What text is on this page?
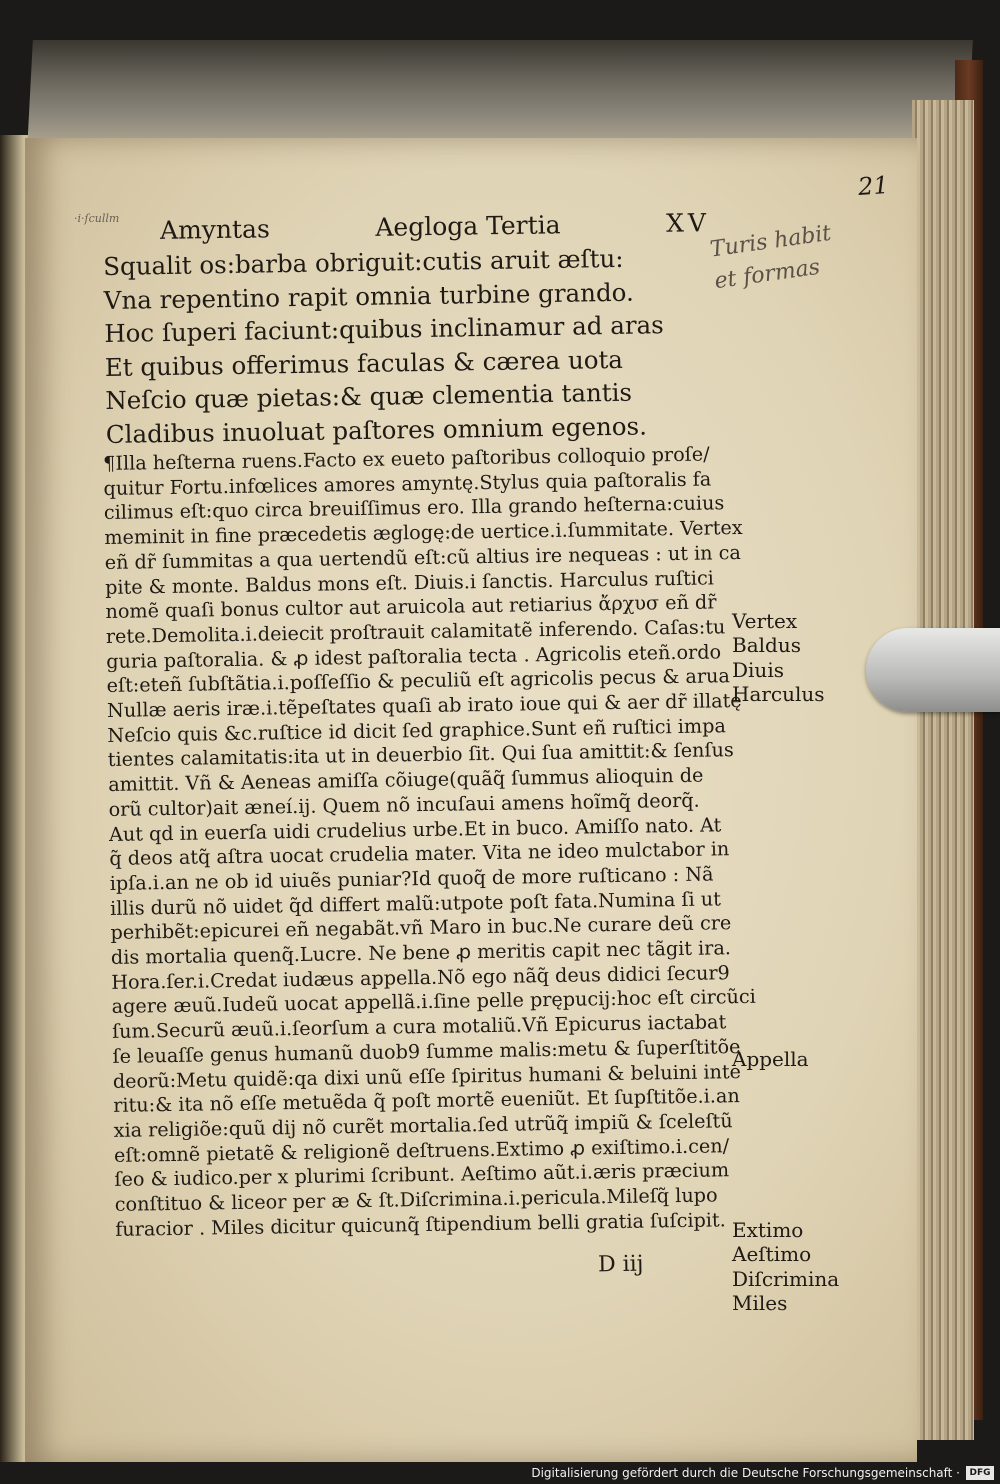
21
·i·ſcullm Amyntas	Aegloga Tertia	XV
Turis habit
et formas
Squalit os:barba obriguit:cutis aruit æſtu:
Vna repentino rapit omnia turbine grando.
Hoc ſuperi faciunt:quibus inclinamur ad aras
Et quibus offerimus faculas & cærea uota
Neſcio quæ pietas:& quæ clementia tantis
Cladibus inuoluat paſtores omnium egenos.
¶Illa heſterna ruens.Facto ex eueto paſtoribus colloquio proſe/
quitur Fortu.infœlices amores amyntę.Stylus quia paſtoralis fa
cilimus eſt:quo circa breuiſſimus ero. Illa grando heſterna:cuius
meminit in fine præcedetis æglogę:de uertice.i.ſummitate. Vertex
eñ dr̃ ſummitas a qua uertendũ eſt:cũ altius ire nequeas : ut in ca
pite & monte. Baldus mons eſt. Diuis.i ſanctis. Harculus ruſtici
nomẽ quaſi bonus cultor aut aruicola aut retiarius ἄρχυσ eñ dr̃
rete.Demolita.i.deiecit proſtrauit calamitatẽ inferendo. Caſas:tu
guria paſtoralia. & ꝓ idest paſtoralia tecta . Agricolis eteñ.ordo
eſt:eteñ ſubſtãtia.i.poſſeſſio & peculiũ eſt agricolis pecus & arua
Nullæ aeris iræ.i.tẽpeſtates quaſi ab irato ioue qui & aer dr̃ illatę
Neſcio quis &c.ruſtice id dicit ſed graphice.Sunt eñ ruſtici impa
tientes calamitatis:ita ut in deuerbio ſit. Qui ſua amittit:& ſenſus
amittit. Vñ & Aeneas amiſſa cõiuge(quãq̃ ſummus alioquin de
orũ cultor)ait æneí.ij. Quem nõ incuſaui amens hoĩmq̃ deorq̃.
Aut qd in euerſa uidi crudelius urbe.Et in buco. Amiſſo nato. At
q̃ deos atq̃ aſtra uocat crudelia mater. Vita ne ideo mulctabor in
ipſa.i.an ne ob id uiuẽs puniar?Id quoq̃ de more ruſticano : Nã
illis durũ nõ uidet q̃d differt malũ:utpote poſt fata.Numina ſi ut
perhibẽt:epicurei eñ negabãt.vñ Maro in buc.Ne curare deũ cre
dis mortalia quenq̃.Lucre. Ne bene ꝓ meritis capit nec tãgit ira.
Hora.ſer.i.Credat iudæus appella.Nõ ego nãq̃ deus didici ſecur9
agere æuũ.Iudeũ uocat appellã.i.ſine pelle prępucij:hoc eſt circũci
ſum.Securũ æuũ.i.ſeorſum a cura motaliũ.Vñ Epicurus iactabat
ſe leuaſſe genus humanũ duob9 ſumme malis:metu & ſuperſtitõe
deorũ:Metu quidẽ:qa dixi unũ eſſe ſpiritus humani & beluini inte
ritu:& ita nõ eſſe metuẽda q̃ poſt mortẽ eueniũt. Et ſupſtitõe.i.an
xia religiõe:quũ dij nõ curẽt mortalia.ſed utrũq̃ impiũ & ſceleſtũ
eſt:omnẽ pietatẽ & religionẽ deſtruens.Extimo ꝓ exiſtimo.i.cen/
ſeo & iudico.per x plurimi ſcribunt. Aeſtimo aũt.i.æris præcium
conſtituo & liceor per æ & ſt.Diſcrimina.i.pericula.Mileſq̃ lupo
furacior . Miles dicitur quicunq̃ ſtipendium belli gratia ſuſcipit.
Vertex
Baldus
Diuis
Harculus
Appella
Extimo
Aeſtimo
Diſcrimina
Miles
D iij
Digitalisierung gefördert durch die Deutsche Forschungsgemeinschaft ·	DFG
